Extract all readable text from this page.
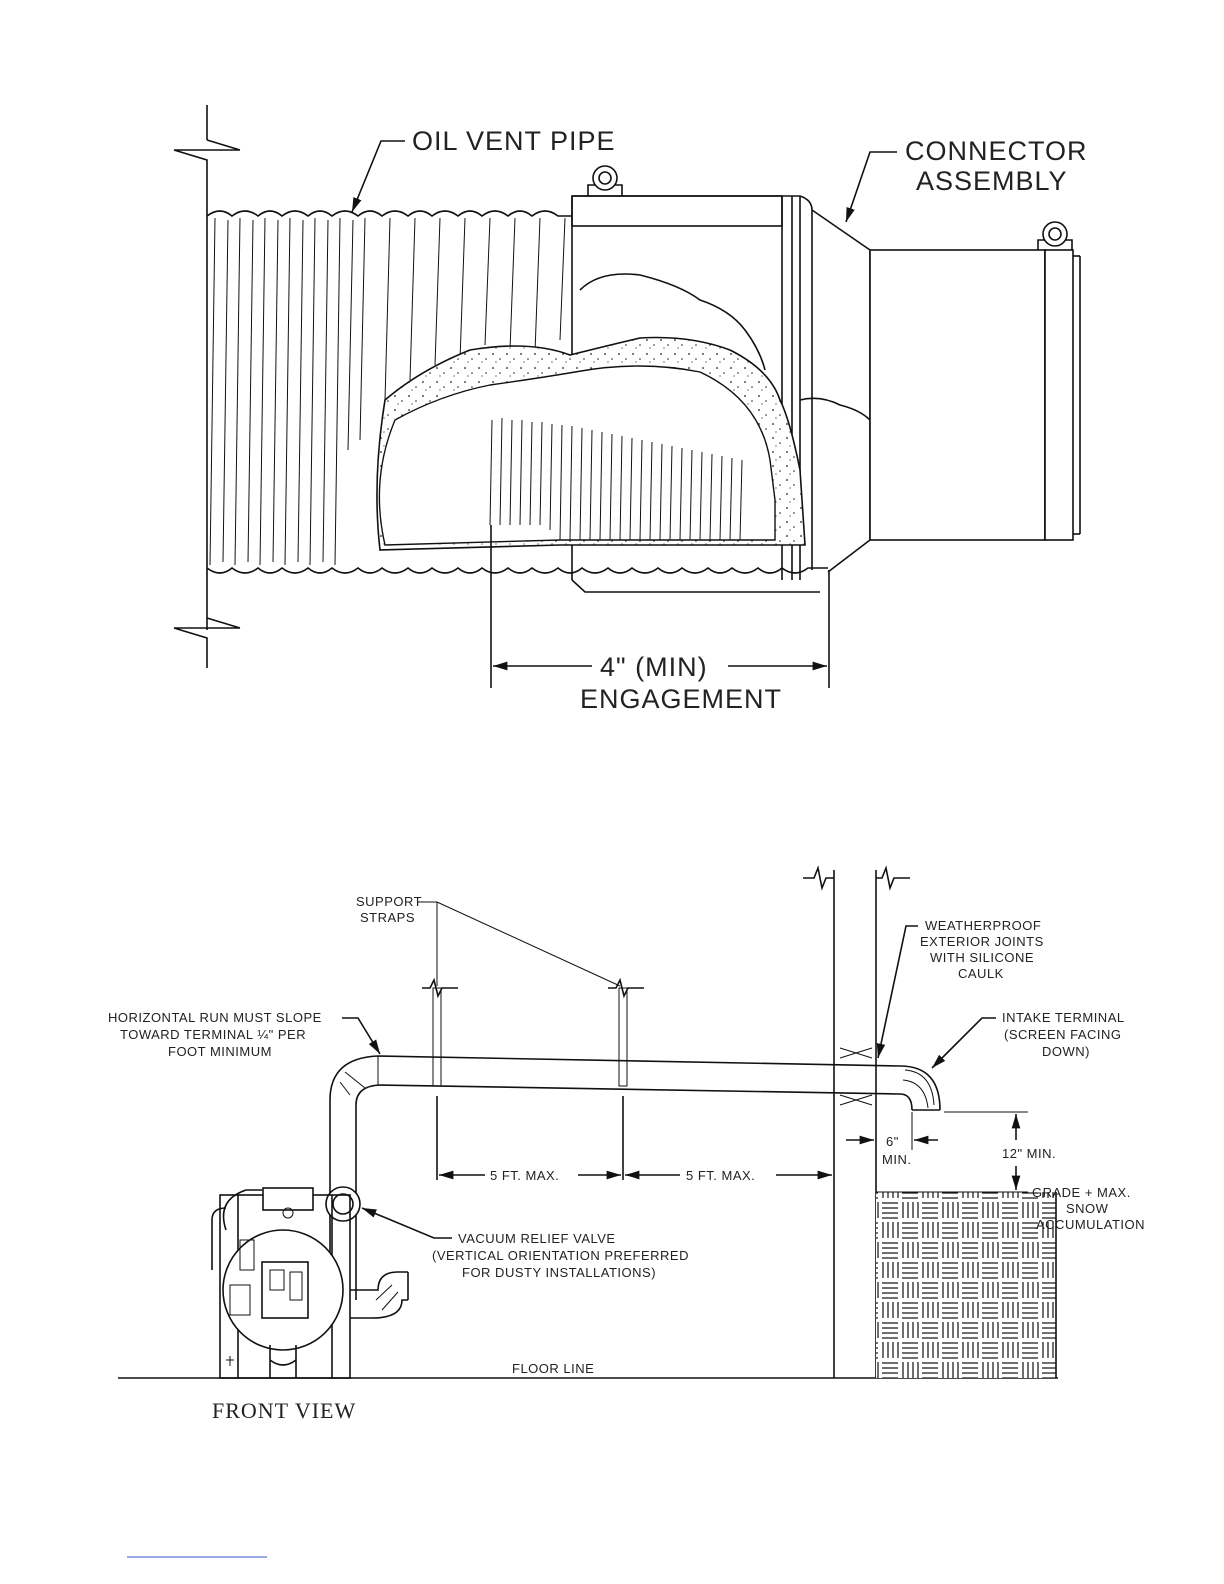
OIL VENT PIPE	CONNECTOR
ASSEMBLY
4" (MIN)
ENGAGEMENT
FLOOR LINE
5 FT. MAX.	5 FT. MAX.
SUPPORT
STRAPS
HORIZONTAL RUN MUST SLOPE
TOWARD TERMINAL ¼" PER
FOOT MINIMUM
WEATHERPROOF
EXTERIOR JOINTS
WITH SILICONE
CAULK
INTAKE TERMINAL
(SCREEN FACING
DOWN)
6"
MIN.	12" MIN.
GRADE + MAX.
SNOW
ACCUMULATION
VACUUM RELIEF VALVE
(VERTICAL ORIENTATION PREFERRED
FOR DUSTY INSTALLATIONS)
FRONT VIEW
